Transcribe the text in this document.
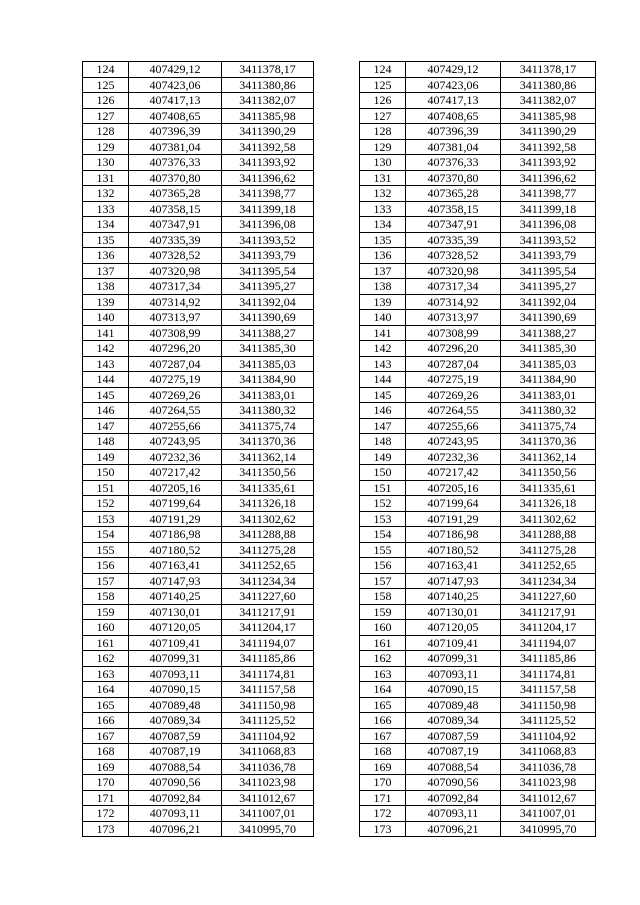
124	407429,12	3411378,17		124	407429,12	3411378,17
125	407423,06	3411380,86		125	407423,06	3411380,86
126	407417,13	3411382,07		126	407417,13	3411382,07
127	407408,65	3411385,98		127	407408,65	3411385,98
128	407396,39	3411390,29		128	407396,39	3411390,29
129	407381,04	3411392,58		129	407381,04	3411392,58
130	407376,33	3411393,92		130	407376,33	3411393,92
131	407370,80	3411396,62		131	407370,80	3411396,62
132	407365,28	3411398,77		132	407365,28	3411398,77
133	407358,15	3411399,18		133	407358,15	3411399,18
134	407347,91	3411396,08		134	407347,91	3411396,08
135	407335,39	3411393,52		135	407335,39	3411393,52
136	407328,52	3411393,79		136	407328,52	3411393,79
137	407320,98	3411395,54		137	407320,98	3411395,54
138	407317,34	3411395,27		138	407317,34	3411395,27
139	407314,92	3411392,04		139	407314,92	3411392,04
140	407313,97	3411390,69		140	407313,97	3411390,69
141	407308,99	3411388,27		141	407308,99	3411388,27
142	407296,20	3411385,30		142	407296,20	3411385,30
143	407287,04	3411385,03		143	407287,04	3411385,03
144	407275,19	3411384,90		144	407275,19	3411384,90
145	407269,26	3411383,01		145	407269,26	3411383,01
146	407264,55	3411380,32		146	407264,55	3411380,32
147	407255,66	3411375,74		147	407255,66	3411375,74
148	407243,95	3411370,36		148	407243,95	3411370,36
149	407232,36	3411362,14		149	407232,36	3411362,14
150	407217,42	3411350,56		150	407217,42	3411350,56
151	407205,16	3411335,61		151	407205,16	3411335,61
152	407199,64	3411326,18		152	407199,64	3411326,18
153	407191,29	3411302,62		153	407191,29	3411302,62
154	407186,98	3411288,88		154	407186,98	3411288,88
155	407180,52	3411275,28		155	407180,52	3411275,28
156	407163,41	3411252,65		156	407163,41	3411252,65
157	407147,93	3411234,34		157	407147,93	3411234,34
158	407140,25	3411227,60		158	407140,25	3411227,60
159	407130,01	3411217,91		159	407130,01	3411217,91
160	407120,05	3411204,17		160	407120,05	3411204,17
161	407109,41	3411194,07		161	407109,41	3411194,07
162	407099,31	3411185,86		162	407099,31	3411185,86
163	407093,11	3411174,81		163	407093,11	3411174,81
164	407090,15	3411157,58		164	407090,15	3411157,58
165	407089,48	3411150,98		165	407089,48	3411150,98
166	407089,34	3411125,52		166	407089,34	3411125,52
167	407087,59	3411104,92		167	407087,59	3411104,92
168	407087,19	3411068,83		168	407087,19	3411068,83
169	407088,54	3411036,78		169	407088,54	3411036,78
170	407090,56	3411023,98		170	407090,56	3411023,98
171	407092,84	3411012,67		171	407092,84	3411012,67
172	407093,11	3411007,01		172	407093,11	3411007,01
173	407096,21	3410995,70		173	407096,21	3410995,70
